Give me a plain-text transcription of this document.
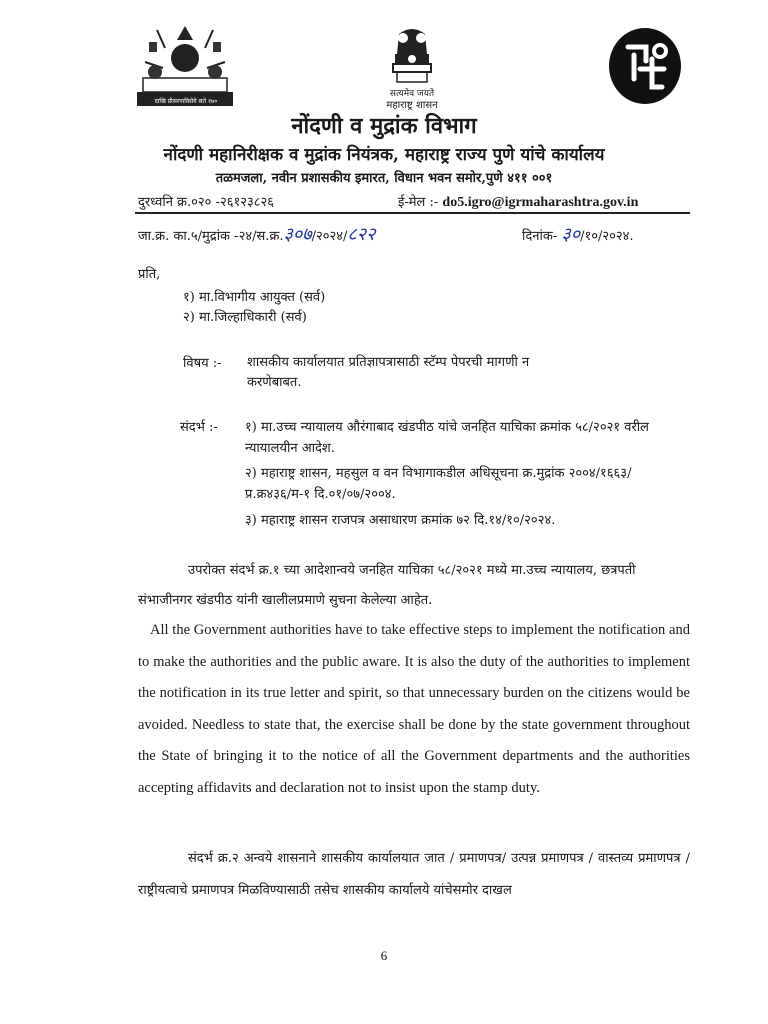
दाखि प्रीसरपाविसेये स्रते १७०
सत्यमेव जयते
महाराष्ट्र शासन
नोंदणी व मुद्रांक विभाग
नोंदणी महानिरीक्षक व मुद्रांक नियंत्रक, महाराष्ट्र राज्य पुणे यांचे कार्यालय
तळमजला, नवीन प्रशासकीय इमारत, विधान भवन समोर,पुणे ४११ ००१
दुरध्वनि क्र.०२० -२६१२३८२६	ई-मेल :- do5.igro@igrmaharashtra.gov.in
जा.क्र. का.५/मुद्रांक -२४/स.क्र.३०७/२०२४/८२२	दिनांक- ३०/१०/२०२४.
प्रति,
१) मा.विभागीय आयुक्त (सर्व)
२) मा.जिल्हाधिकारी (सर्व)
विषय :- शासकीय कार्यालयात प्रतिज्ञापत्रासाठी स्टॅम्प पेपरची मागणी न करणेबाबत.
संदर्भ :- १) मा.उच्च न्यायालय औरंगाबाद खंडपीठ यांचे जनहित याचिका क्रमांक ५८/२०२१ वरील न्यायालयीन आदेश.
२) महाराष्ट्र शासन, महसुल व वन विभागाकडील अधिसूचना क्र.मुद्रांक २००४/१६६३/प्र.क्र४३६/म-१ दि.०१/०७/२००४.
३) महाराष्ट्र शासन राजपत्र असाधारण क्रमांक ७२ दि.१४/१०/२०२४.
उपरोक्त संदर्भ क्र.१ च्या आदेशान्वये जनहित याचिका ५८/२०२१ मध्ये मा.उच्च न्यायालय, छत्रपती संभाजीनगर खंडपीठ यांनी खालीलप्रमाणे सुचना केलेल्या आहेत.
All the Government authorities have to take effective steps to implement the notification and to make the authorities and the public aware. It is also the duty of the authorities to implement the notification in its true letter and spirit, so that unnecessary burden on the citizens would be avoided. Needless to state that, the exercise shall be done by the state government throughout the State of bringing it to the notice of all the Government departments and the authorities accepting affidavits and declaration not to insist upon the stamp duty.
संदर्भ क्र.२ अन्वये शासनाने शासकीय कार्यालयात जात / प्रमाणपत्र/ उत्पन्न प्रमाणपत्र / वास्तव्य प्रमाणपत्र / राष्ट्रीयत्वाचे प्रमाणपत्र मिळविण्यासाठी तसेच शासकीय कार्यालये यांचेसमोर दाखल
6
